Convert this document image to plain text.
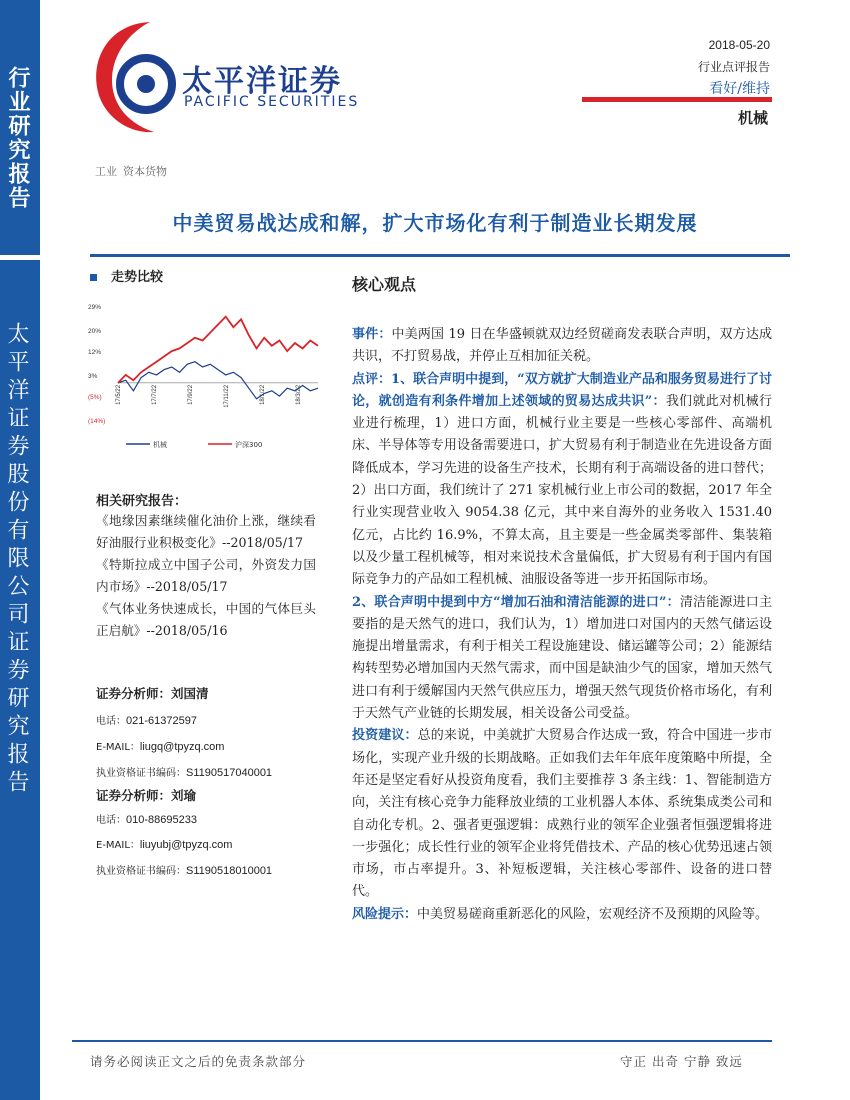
行业研究报告
太平洋证券股份有限公司证券研究报告
太平洋证券
PACIFIC SECURITIES
2018-05-20
行业点评报告
看好/维持
机械
工业 资本货物
中美贸易战达成和解，扩大市场化有利于制造业长期发展
走势比较
29%
20%
12%
3%
(5%)
(14%)
17/5/22	17/7/22	17/9/22	17/11/22	18/1/22	18/3/22
机械	沪深300
相关研究报告：

《地缘因素继续催化油价上涨，继续看好油服行业积极变化》--2018/05/17

《特斯拉成立中国子公司，外资发力国内市场》--2018/05/17

《气体业务快速成长，中国的气体巨头正启航》--2018/05/16

证券分析师：刘国清
电话：021-61372597
E-MAIL：liugq@tpyzq.com
执业资格证书编码：S1190517040001
证券分析师：刘瑜
电话：010-88695233
E-MAIL：liuyubj@tpyzq.com
执业资格证书编码：S1190518010001
核心观点

事件：中美两国 19 日在华盛顿就双边经贸磋商发表联合声明，双方达成共识，不打贸易战，并停止互相加征关税。

点评：1、联合声明中提到，“双方就扩大制造业产品和服务贸易进行了讨论，就创造有利条件增加上述领域的贸易达成共识”：我们就此对机械行业进行梳理，1）进口方面，机械行业主要是一些核心零部件、高端机床、半导体等专用设备需要进口，扩大贸易有利于制造业在先进设备方面降低成本，学习先进的设备生产技术，长期有利于高端设备的进口替代；2）出口方面，我们统计了 271 家机械行业上市公司的数据，2017 年全行业实现营业收入 9054.38 亿元，其中来自海外的业务收入 1531.40 亿元，占比约 16.9%，不算太高，且主要是一些金属类零部件、集装箱以及少量工程机械等，相对来说技术含量偏低，扩大贸易有利于国内有国际竞争力的产品如工程机械、油服设备等进一步开拓国际市场。

2、联合声明中提到中方“增加石油和清洁能源的进口”：清洁能源进口主要指的是天然气的进口，我们认为，1）增加进口对国内的天然气储运设施提出增量需求，有利于相关工程设施建设、储运罐等公司；2）能源结构转型势必增加国内天然气需求，而中国是缺油少气的国家，增加天然气进口有利于缓解国内天然气供应压力，增强天然气现货价格市场化，有利于天然气产业链的长期发展，相关设备公司受益。

投资建议：总的来说，中美就扩大贸易合作达成一致，符合中国进一步市场化，实现产业升级的长期战略。正如我们去年年底年度策略中所提，全年还是坚定看好从投资角度看，我们主要推荐 3 条主线：1、智能制造方向，关注有核心竞争力能释放业绩的工业机器人本体、系统集成类公司和自动化专机。2、强者更强逻辑：成熟行业的领军企业强者恒强逻辑将进一步强化；成长性行业的领军企业将凭借技术、产品的核心优势迅速占领市场，市占率提升。3、补短板逻辑，关注核心零部件、设备的进口替代。

风险提示：中美贸易磋商重新恶化的风险，宏观经济不及预期的风险等。

请务必阅读正文之后的免责条款部分	守正 出奇 宁静 致远
